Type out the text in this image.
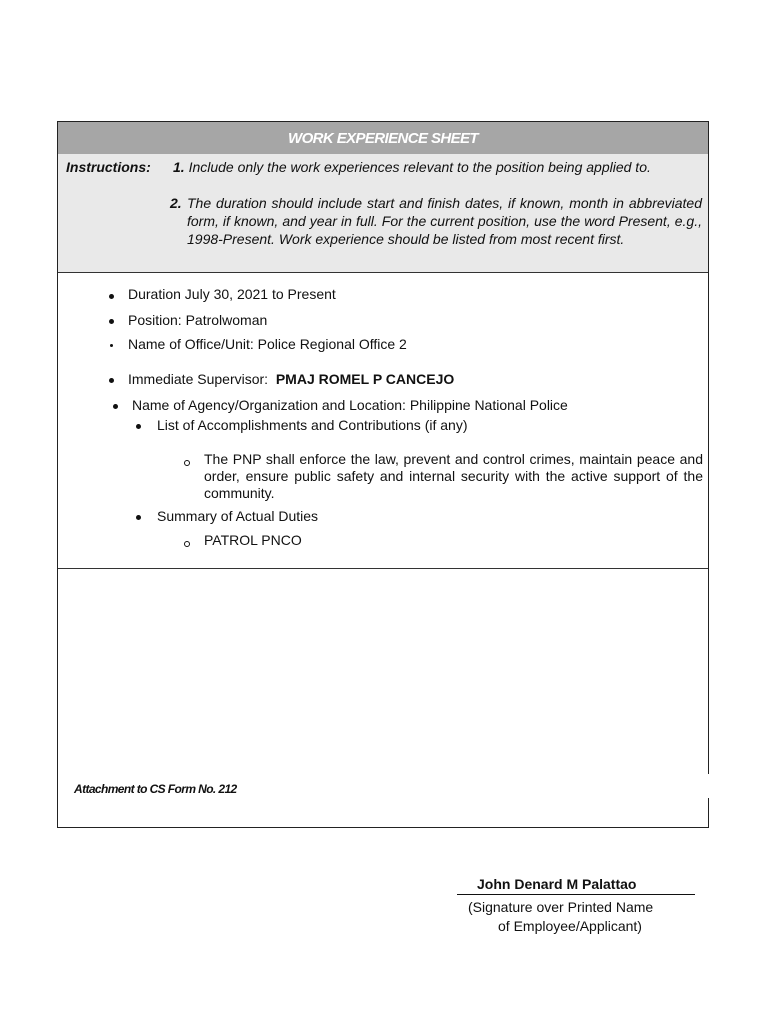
WORK EXPERIENCE SHEET
Instructions: 1. Include only the work experiences relevant to the position being applied to.
2. The duration should include start and finish dates, if known, month in abbreviated form, if known, and year in full. For the current position, use the word Present, e.g., 1998-Present. Work experience should be listed from most recent first.
Duration July 30, 2021 to Present
Position: Patrolwoman
Name of Office/Unit: Police Regional Office 2
Immediate Supervisor: PMAJ ROMEL P CANCEJO
Name of Agency/Organization and Location: Philippine National Police
List of Accomplishments and Contributions (if any)
The PNP shall enforce the law, prevent and control crimes, maintain peace and order, ensure public safety and internal security with the active support of the community.
Summary of Actual Duties
PATROL PNCO
Attachment to CS Form No. 212
John Denard M Palattao
(Signature over Printed Name
of Employee/Applicant)
